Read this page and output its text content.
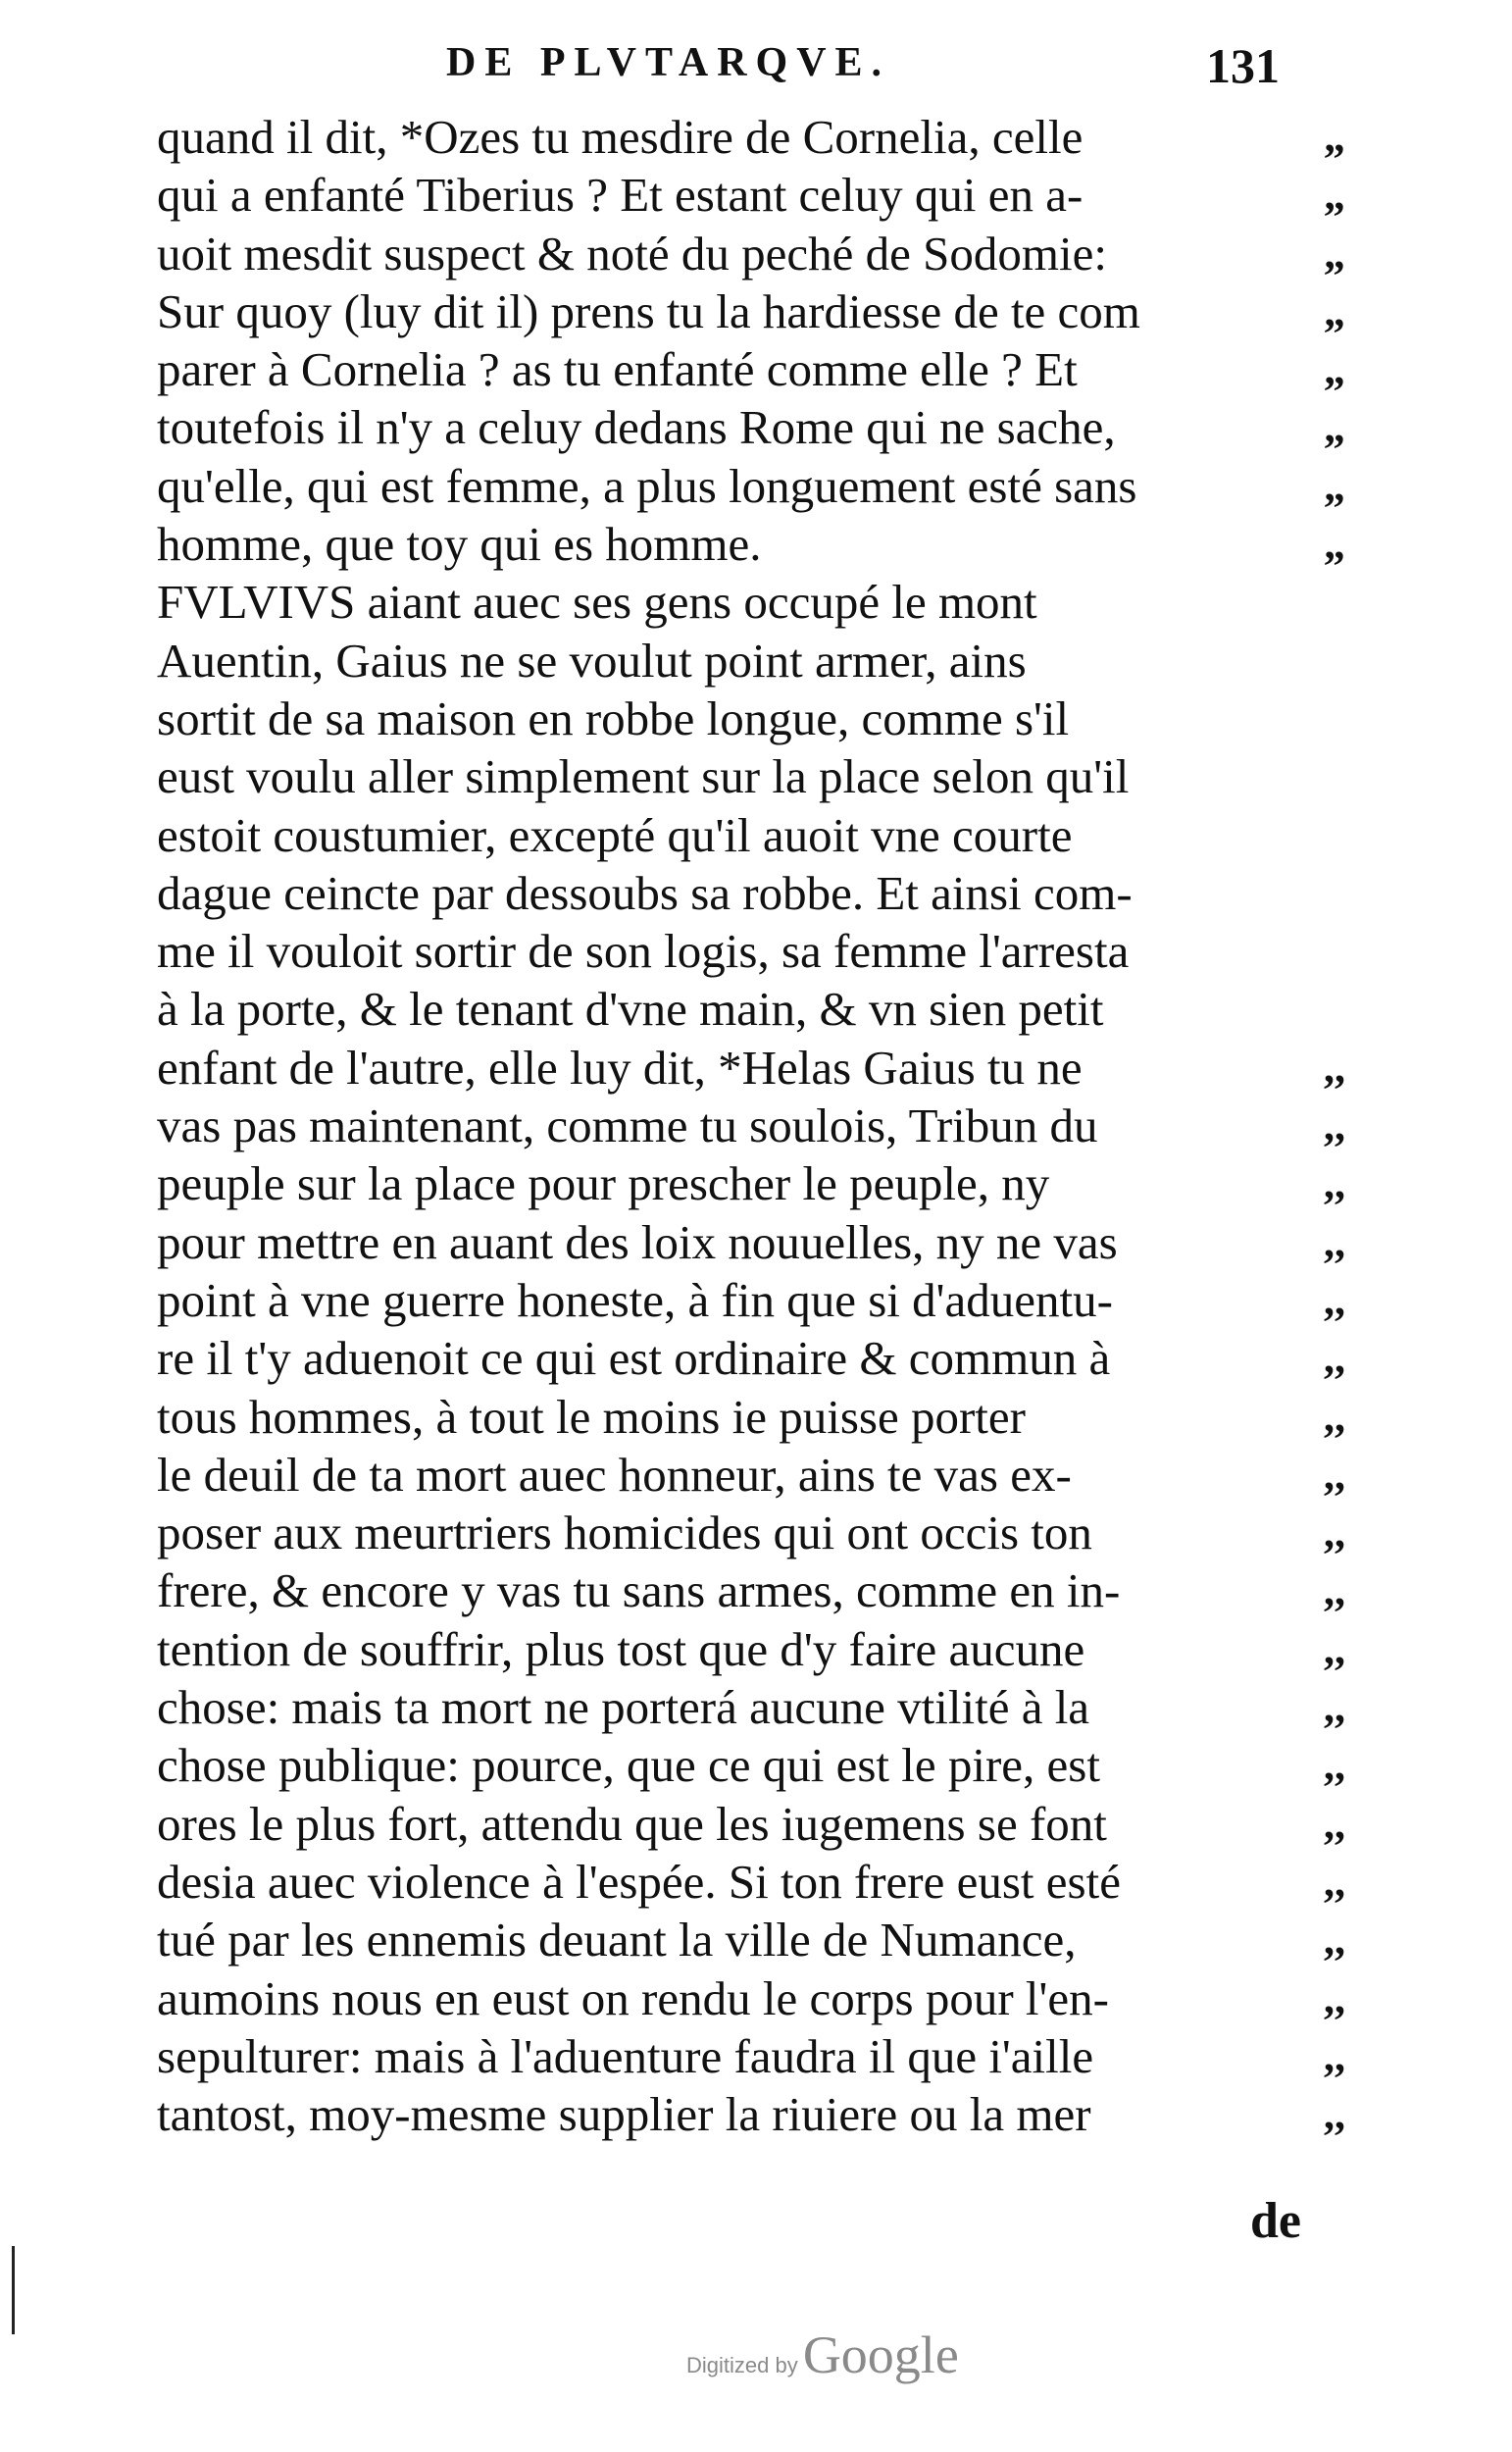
DE PLVTARQVE.	131
quand il dit, *Ozes tu mesdire de Cornelia, celle	„
qui a enfanté Tiberius ? Et estant celuy qui en a-	„
uoit mesdit suspect & noté du peché de Sodomie:	„
Sur quoy (luy dit il) prens tu la hardiesse de te com	„
parer à Cornelia ? as tu enfanté comme elle ? Et	„
toutefois il n'y a celuy dedans Rome qui ne sache,	„
qu'elle, qui est femme, a plus longuement esté sans	„
homme, que toy qui es homme.	„
FVLVIVS aiant auec ses gens occupé le mont
Auentin, Gaius ne se voulut point armer, ains
sortit de sa maison en robbe longue, comme s'il
eust voulu aller simplement sur la place selon qu'il
estoit coustumier, excepté qu'il auoit vne courte
dague ceincte par dessoubs sa robbe. Et ainsi com-
me il vouloit sortir de son logis, sa femme l'arresta
à la porte, & le tenant d'vne main, & vn sien petit
enfant de l'autre, elle luy dit, *Helas Gaius tu ne	,,
vas pas maintenant, comme tu soulois, Tribun du	,,
peuple sur la place pour prescher le peuple, ny	,,
pour mettre en auant des loix nouuelles, ny ne vas	,,
point à vne guerre honeste, à fin que si d'aduentu-	,,
re il t'y aduenoit ce qui est ordinaire & commun à	,,
tous hommes, à tout le moins ie puisse porter	,,
le deuil de ta mort auec honneur, ains te vas ex-	,,
poser aux meurtriers homicides qui ont occis ton	,,
frere, & encore y vas tu sans armes, comme en in-	,,
tention de souffrir, plus tost que d'y faire aucune	,,
chose: mais ta mort ne porterá aucune vtilité à la	,,
chose publique: pource, que ce qui est le pire, est	,,
ores le plus fort, attendu que les iugemens se font	,,
desia auec violence à l'espée. Si ton frere eust esté	,,
tué par les ennemis deuant la ville de Numance,	,,
aumoins nous en eust on rendu le corps pour l'en-	,,
sepulturer: mais à l'aduenture faudra il que i'aille	,,
tantost, moy-mesme supplier la riuiere ou la mer	,,
de
Digitized by Google
